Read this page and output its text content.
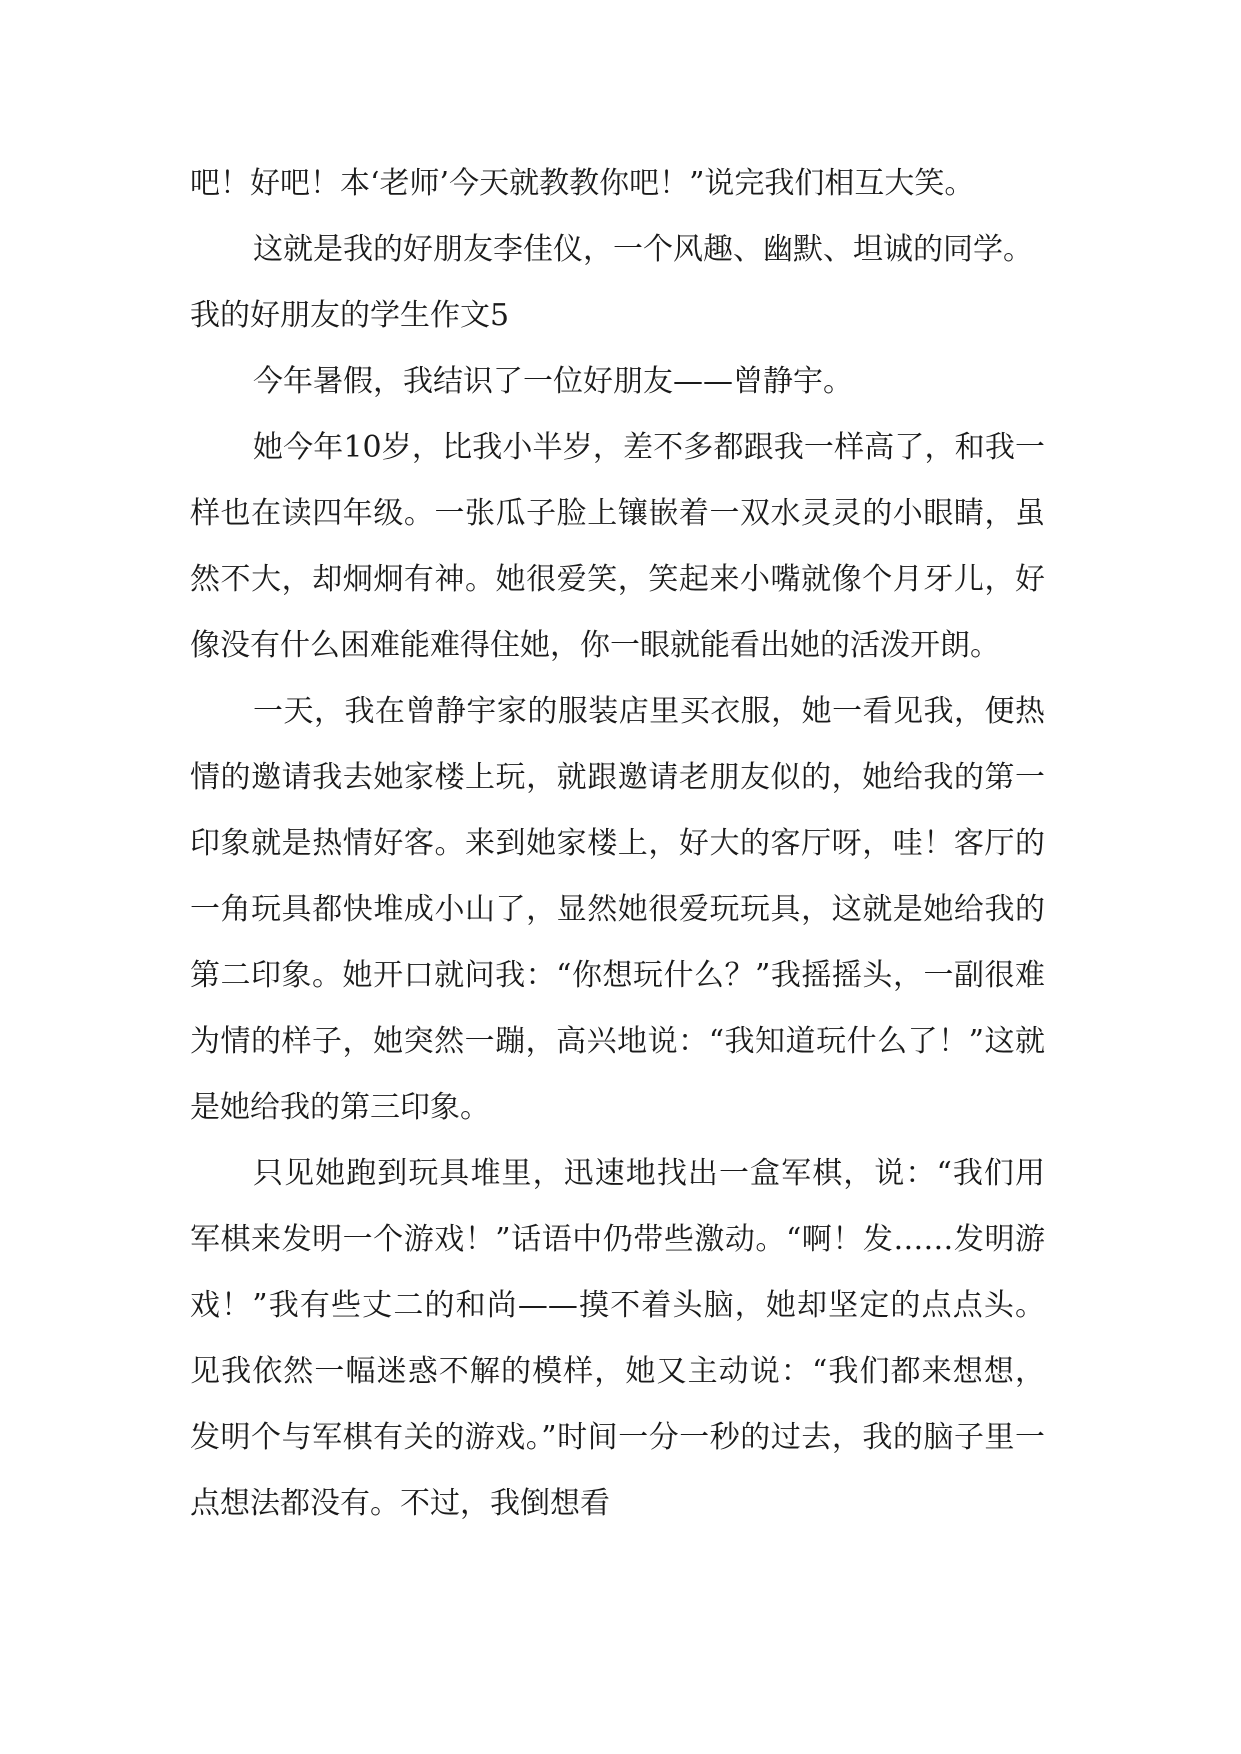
吧！好吧！本‘老师’今天就教教你吧！”说完我们相互大笑。

这就是我的好朋友李佳仪，一个风趣、幽默、坦诚的同学。

我的好朋友的学生作文5

今年暑假，我结识了一位好朋友——曾静宇。

她今年10岁，比我小半岁，差不多都跟我一样高了，和我一样也在读四年级。一张瓜子脸上镶嵌着一双水灵灵的小眼睛，虽然不大，却炯炯有神。她很爱笑，笑起来小嘴就像个月牙儿，好像没有什么困难能难得住她，你一眼就能看出她的活泼开朗。

一天，我在曾静宇家的服装店里买衣服，她一看见我，便热情的邀请我去她家楼上玩，就跟邀请老朋友似的，她给我的第一印象就是热情好客。来到她家楼上，好大的客厅呀，哇！客厅的一角玩具都快堆成小山了，显然她很爱玩玩具，这就是她给我的第二印象。她开口就问我：“你想玩什么？”我摇摇头，一副很难为情的样子，她突然一蹦，高兴地说：“我知道玩什么了！”这就是她给我的第三印象。

只见她跑到玩具堆里，迅速地找出一盒军棋，说：“我们用军棋来发明一个游戏！”话语中仍带些激动。“啊！发……发明游戏！”我有些丈二的和尚——摸不着头脑，她却坚定的点点头。见我依然一幅迷惑不解的模样，她又主动说：“我们都来想想，发明个与军棋有关的游戏。”时间一分一秒的过去，我的脑子里一点想法都没有。不过，我倒想看
